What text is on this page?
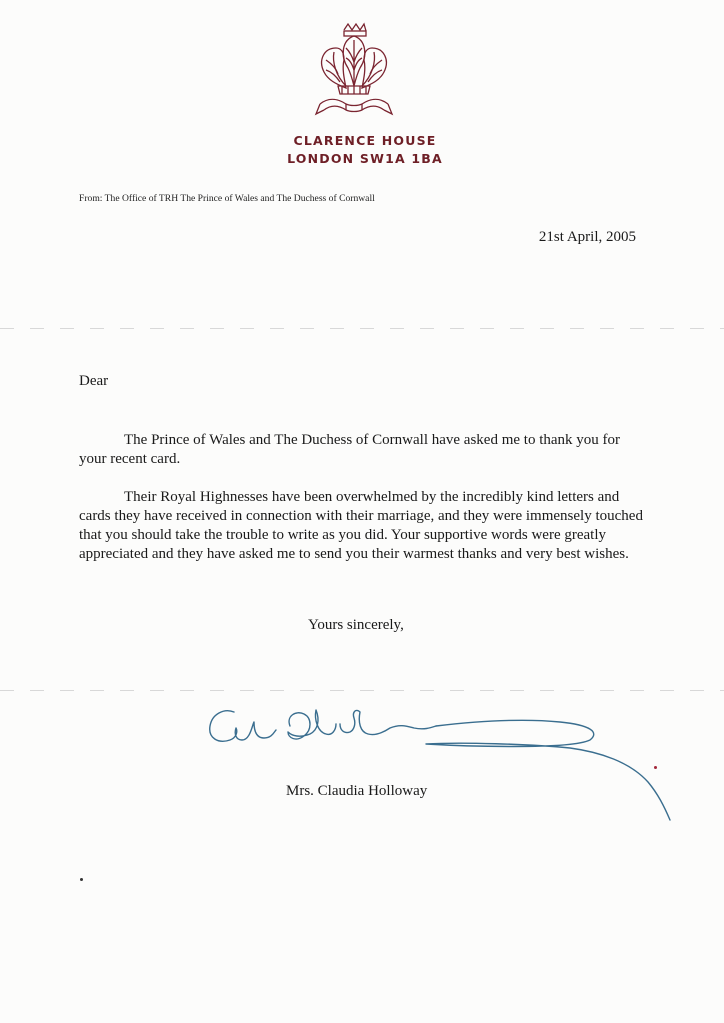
CLARENCE HOUSE
LONDON SW1A 1BA
From: The Office of TRH The Prince of Wales and The Duchess of Cornwall
21st April, 2005
Dear

The Prince of Wales and The Duchess of Cornwall have asked me to thank you for your recent card.

Their Royal Highnesses have been overwhelmed by the incredibly kind letters and cards they have received in connection with their marriage, and they were immensely touched that you should take the trouble to write as you did. Your supportive words were greatly appreciated and they have asked me to send you their warmest thanks and very best wishes.

Yours sincerely,
Mrs. Claudia Holloway
